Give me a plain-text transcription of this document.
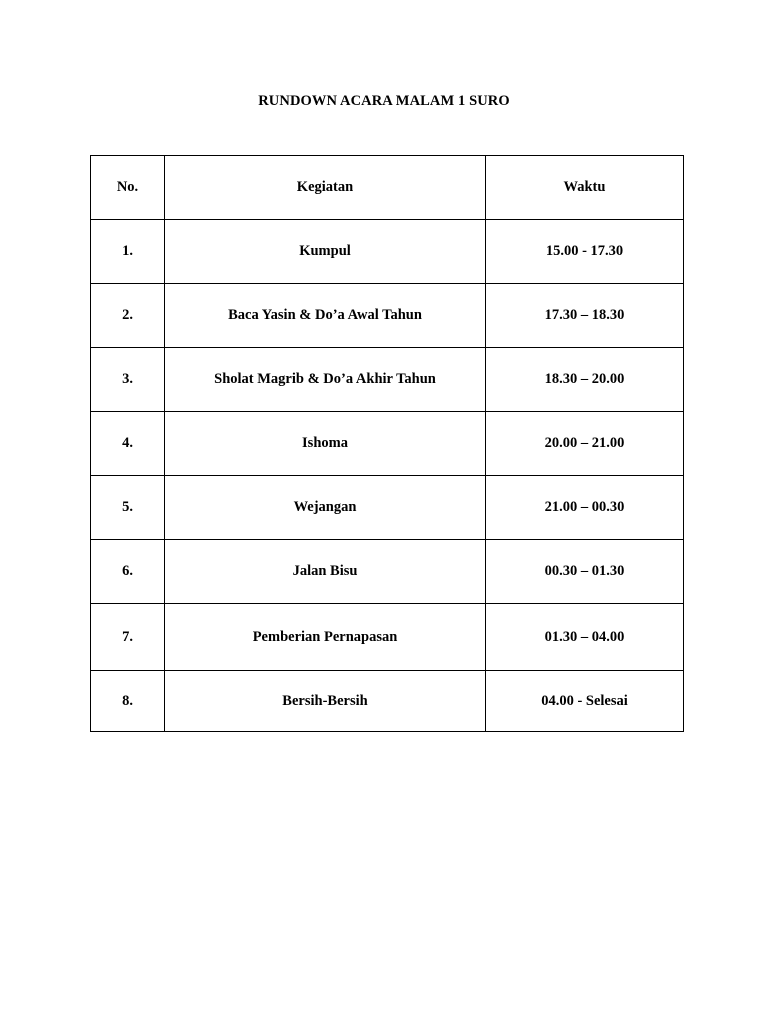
RUNDOWN ACARA MALAM 1 SURO
No.	Kegiatan	Waktu
1.	Kumpul	15.00 - 17.30
2.	Baca Yasin & Do’a Awal Tahun	17.30 – 18.30
3.	Sholat Magrib & Do’a Akhir Tahun	18.30 – 20.00
4.	Ishoma	20.00 – 21.00
5.	Wejangan	21.00 – 00.30
6.	Jalan Bisu	00.30 – 01.30
7.	Pemberian Pernapasan	01.30 – 04.00
8.	Bersih-Bersih	04.00 - Selesai
